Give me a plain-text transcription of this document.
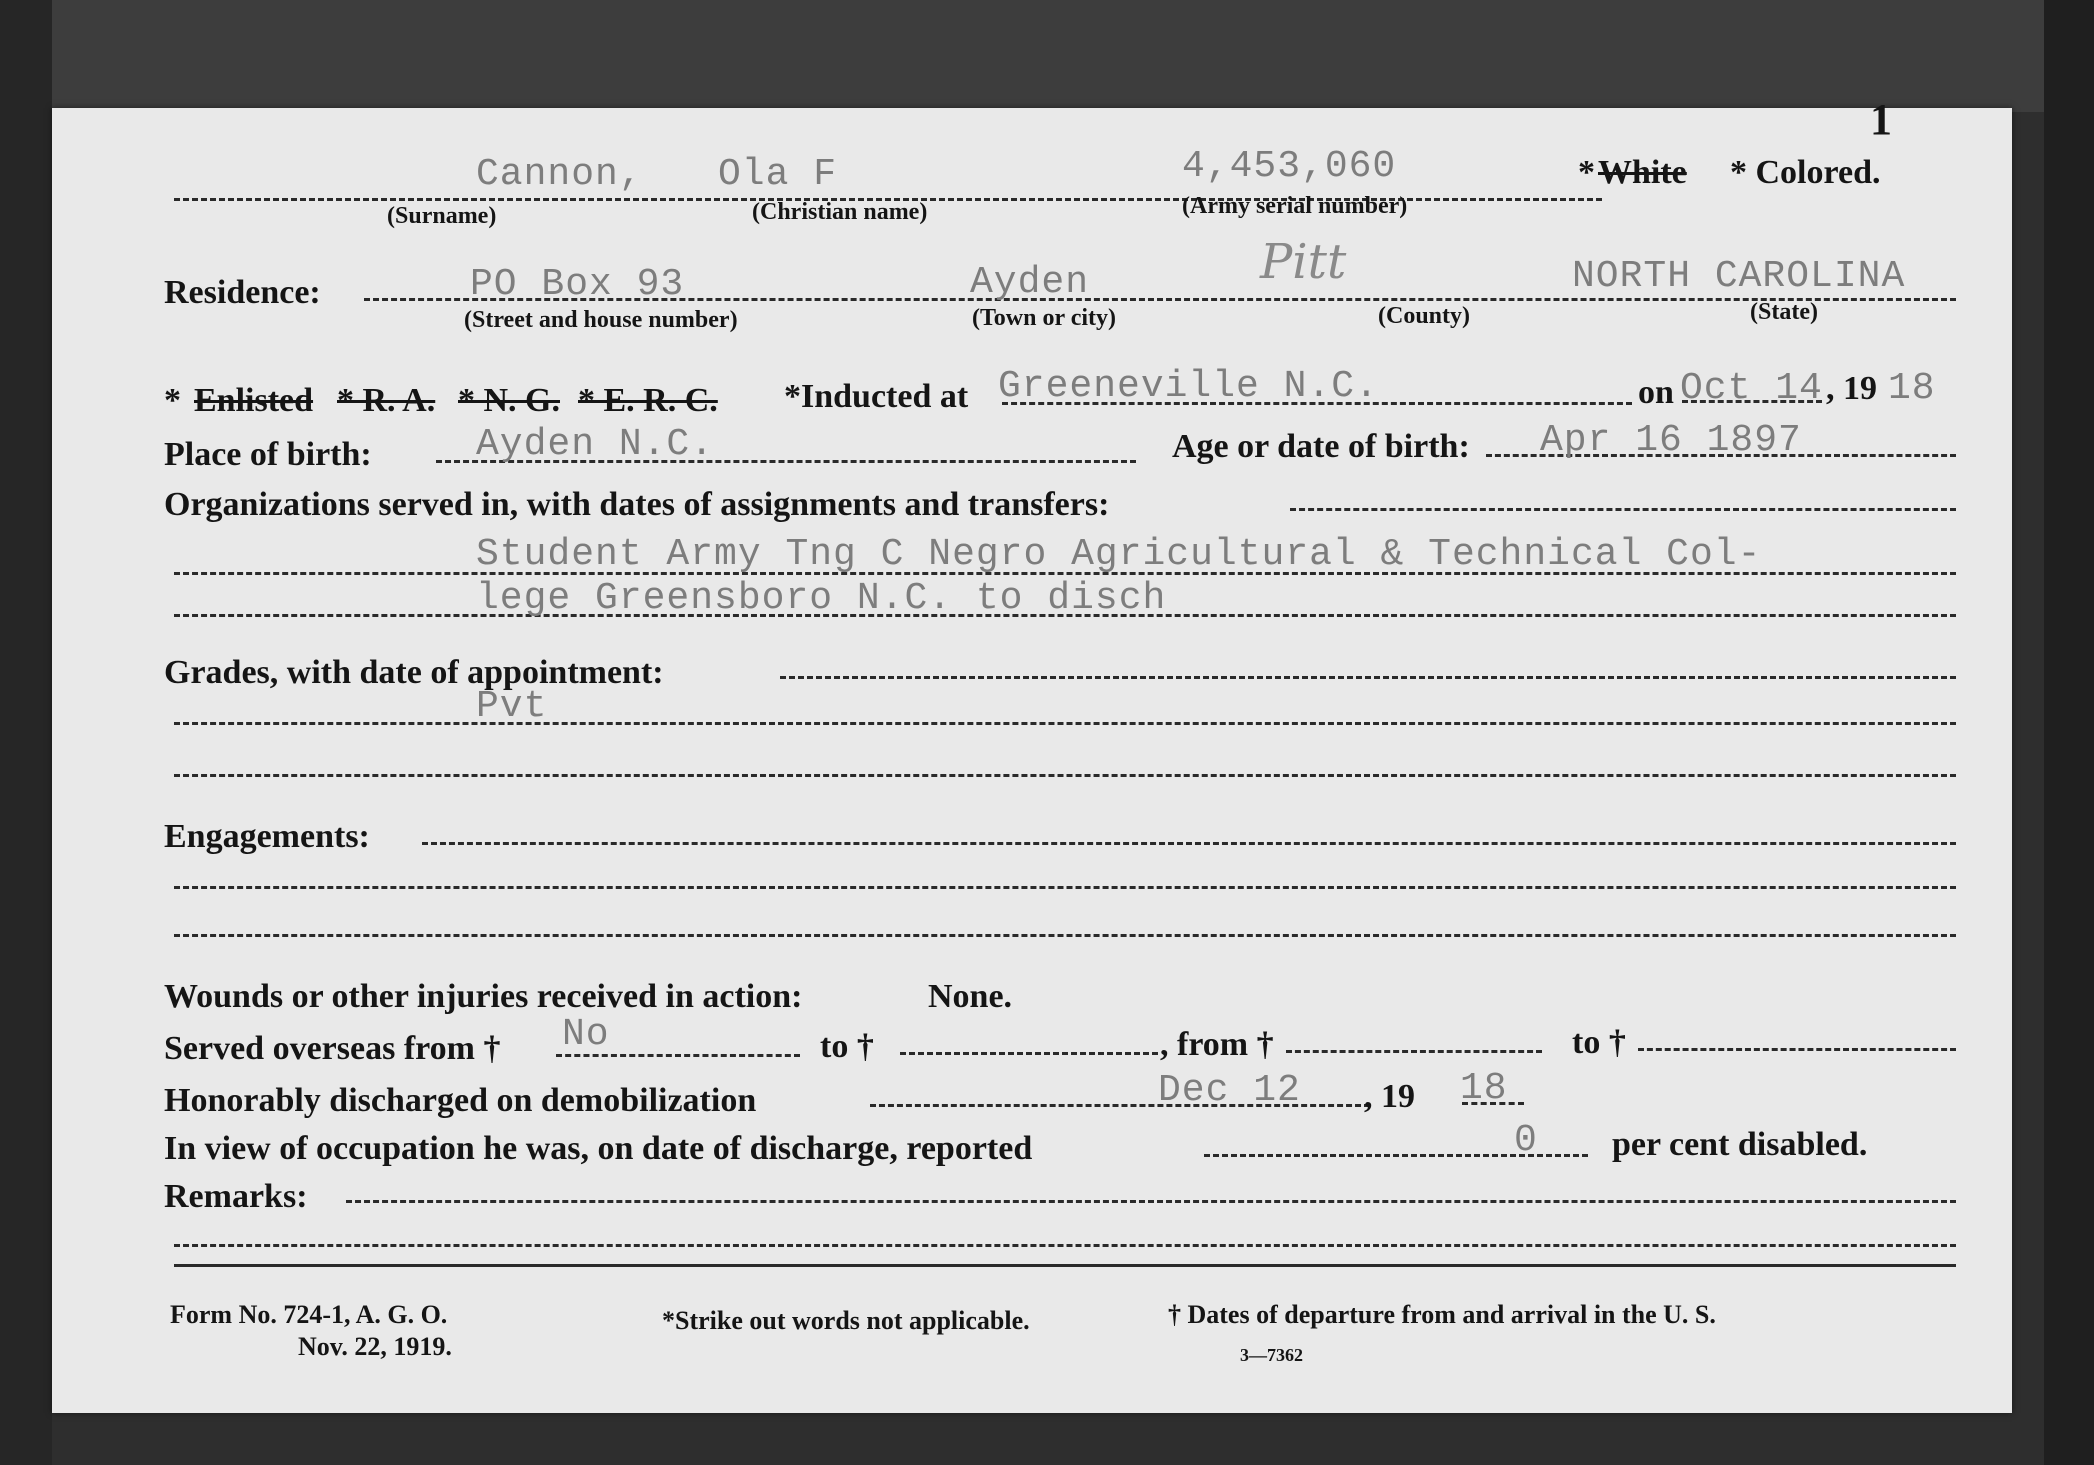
1
Cannon, Ola F	4,453,060	* White * Colored.
(Surname)	(Christian name)	(Army serial number)
Residence:	PO Box 93	Ayden	Pitt	NORTH CAROLINA
(Street and house number)	(Town or city)	(County)	(State)
* Enlisted * R. A. * N. G. * E. R. C. *Inducted at Greeneville N.C.	on Oct 14 , 19 18
Place of birth:	Ayden N.C.	Age or date of birth: Apr 16 1897
Organizations served in, with dates of assignments and transfers:
Student Army Tng C Negro Agricultural & Technical Col-
lege Greensboro N.C. to disch
Grades, with date of appointment:
Pvt
Engagements:
Wounds or other injuries received in action:	None.
Served overseas from † No	to †	, from †	to †
Honorably discharged on demobilization	Dec 12 , 19 18
In view of occupation he was, on date of discharge, reported	0 per cent disabled.
Remarks:
Form No. 724-1, A. G. O.
Nov. 22, 1919.
*Strike out words not applicable.	† Dates of departure from and arrival in the U. S.
3—7362
